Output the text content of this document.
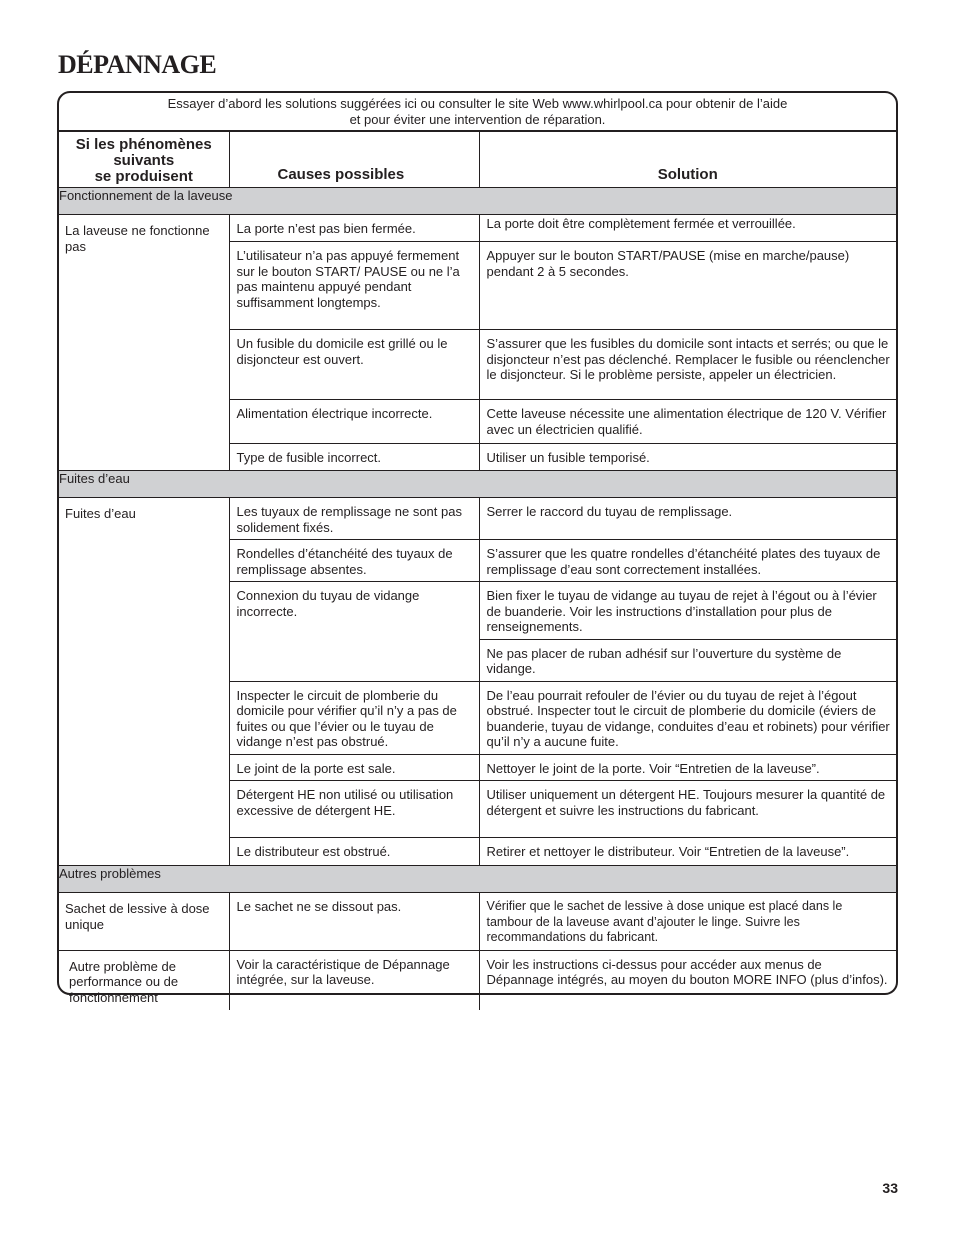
DÉPANNAGE
Essayer d’abord les solutions suggérées ici ou consulter le site Web www.whirlpool.ca pour obtenir de l’aide
et pour éviter une intervention de réparation.
Si les phénomènes
suivants
se produisent	Causes possibles	Solution
Fonctionnement de la laveuse		
La laveuse ne fonctionne pas	La porte n’est pas bien fermée.	La porte doit être complètement fermée et verrouillée.
	L’utilisateur n’a pas appuyé fermement sur le bouton START/ PAUSE ou ne l’a pas maintenu appuyé pendant suffisamment longtemps.	Appuyer sur le bouton START/PAUSE (mise en marche/pause) pendant 2 à 5 secondes.
	Un fusible du domicile est grillé ou le disjoncteur est ouvert.	S’assurer que les fusibles du domicile sont intacts et serrés; ou que le disjoncteur n’est pas déclenché. Remplacer le fusible ou réenclencher le disjoncteur. Si le problème persiste, appeler un électricien.
	Alimentation électrique incorrecte.	Cette laveuse nécessite une alimentation électrique de 120 V. Vérifier avec un électricien qualifié.
	Type de fusible incorrect.	Utiliser un fusible temporisé.
Fuites d’eau		
Fuites d’eau	Les tuyaux de remplissage ne sont pas solidement fixés.	Serrer le raccord du tuyau de remplissage.
	Rondelles d’étanchéité des tuyaux de remplissage absentes.	S’assurer que les quatre rondelles d’étanchéité plates des tuyaux de remplissage d’eau sont correctement installées.
	Connexion du tuyau de vidange incorrecte.	Bien fixer le tuyau de vidange au tuyau de rejet à l’égout ou à l’évier de buanderie. Voir les instructions d’installation pour plus de renseignements.
		Ne pas placer de ruban adhésif sur l’ouverture du système de vidange.
	Inspecter le circuit de plomberie du domicile pour vérifier qu’il n’y a pas de fuites ou que l’évier ou le tuyau de vidange n’est pas obstrué.	De l’eau pourrait refouler de l’évier ou du tuyau de rejet à l’égout obstrué. Inspecter tout le circuit de plomberie du domicile (éviers de buanderie, tuyau de vidange, conduites d’eau et robinets) pour vérifier qu’il n’y a aucune fuite.
	Le joint de la porte est sale.	Nettoyer le joint de la porte. Voir “Entretien de la laveuse”.
	Détergent HE non utilisé ou utilisation excessive de détergent HE.	Utiliser uniquement un détergent HE. Toujours mesurer la quantité de détergent et suivre les instructions du fabricant.
	Le distributeur est obstrué.	Retirer et nettoyer le distributeur. Voir “Entretien de la laveuse”.
Autres problèmes		
Sachet de lessive à dose unique	Le sachet ne se dissout pas.	Vérifier que le sachet de lessive à dose unique est placé dans le tambour de la laveuse avant d’ajouter le linge. Suivre les recommandations du fabricant.
Autre problème de performance ou de fonctionnement	Voir la caractéristique de Dépannage intégrée, sur la laveuse.	Voir les instructions ci-dessus pour accéder aux menus de Dépannage intégrés, au moyen du bouton MORE INFO (plus d’infos).
33
